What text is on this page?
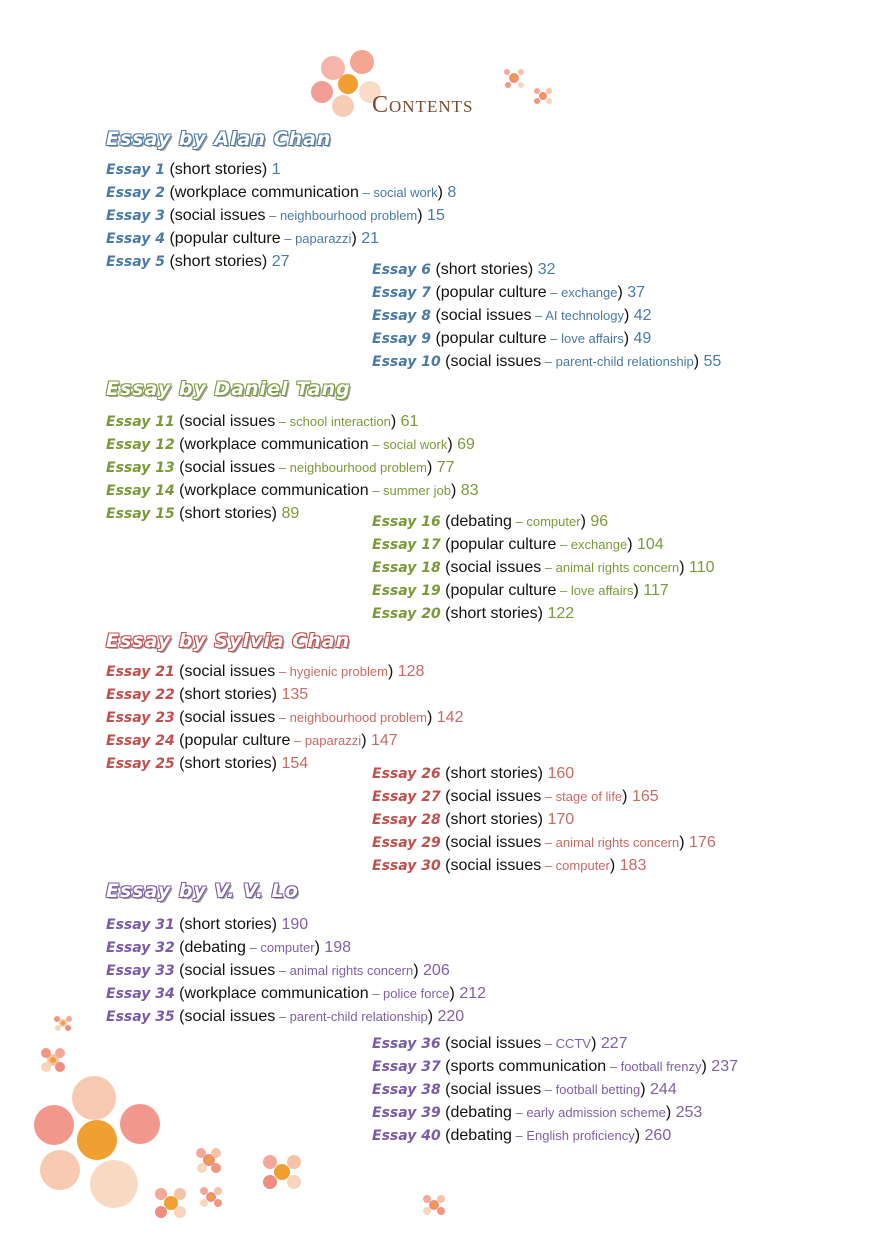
Contents
Essay by Alan Chan
Essay 1 (short stories) 1
Essay 2 (workplace communication – social work) 8
Essay 3 (social issues – neighbourhood problem) 15
Essay 4 (popular culture – paparazzi) 21
Essay 5 (short stories) 27	Essay 6 (short stories) 32
Essay 7 (popular culture – exchange) 37
Essay 8 (social issues – AI technology) 42
Essay 9 (popular culture – love affairs) 49
Essay 10 (social issues – parent-child relationship) 55
Essay by Daniel Tang
Essay 11 (social issues – school interaction) 61
Essay 12 (workplace communication – social work) 69
Essay 13 (social issues – neighbourhood problem) 77
Essay 14 (workplace communication – summer job) 83
Essay 15 (short stories) 89	Essay 16 (debating – computer) 96
Essay 17 (popular culture – exchange) 104
Essay 18 (social issues – animal rights concern) 110
Essay 19 (popular culture – love affairs) 117
Essay 20 (short stories) 122
Essay by Sylvia Chan
Essay 21 (social issues – hygienic problem) 128
Essay 22 (short stories) 135
Essay 23 (social issues – neighbourhood problem) 142
Essay 24 (popular culture – paparazzi) 147
Essay 25 (short stories) 154
Essay 26 (short stories) 160
Essay 27 (social issues – stage of life) 165
Essay 28 (short stories) 170
Essay 29 (social issues – animal rights concern) 176
Essay 30 (social issues – computer) 183
Essay by V. V. Lo
Essay 31 (short stories) 190
Essay 32 (debating – computer) 198
Essay 33 (social issues – animal rights concern) 206
Essay 34 (workplace communication – police force) 212
Essay 35 (social issues – parent-child relationship) 220
Essay 36 (social issues – CCTV) 227
Essay 37 (sports communication – football frenzy) 237
Essay 38 (social issues – football betting) 244
Essay 39 (debating – early admission scheme) 253
Essay 40 (debating – English proficiency) 260
